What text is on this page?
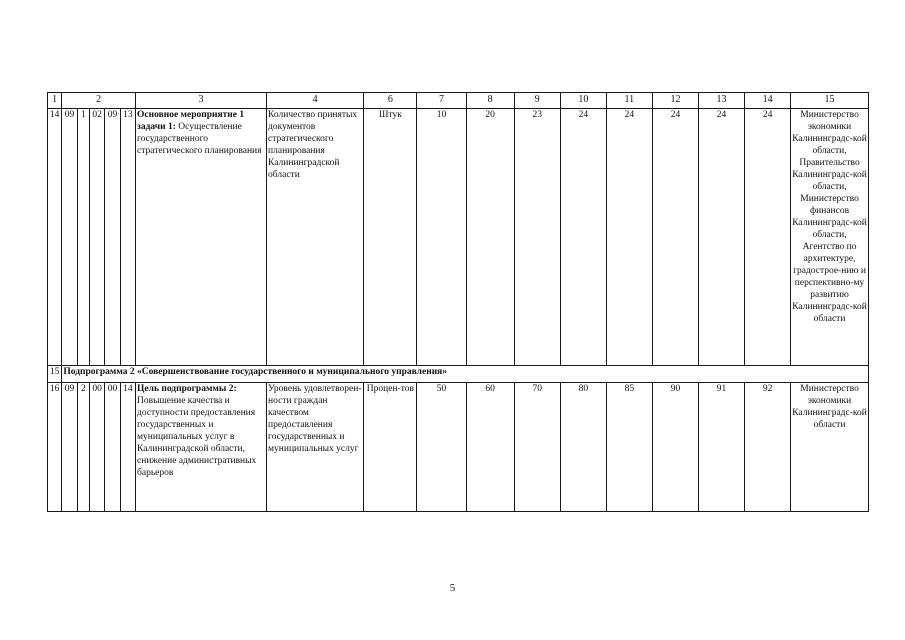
1	2					3	4	6	7	8	9	10	11	12	13	14	15
14	09	1	02	09	13	Основное мероприятие 1 задачи 1: Осуществление государственного стратегического планирования	Количество принятых документов стратегического планирования Калининградской области	Штук	10	20	23	24	24	24	24	24	Министерство экономики Калининградс-кой области, Правительство Калининградс-кой области, Министерство финансов Калининградс-кой области, Агентство по архитектуре, градострое-нию и перспективно-му развитию Калининградс-кой области
15	Подпрограмма 2 «Совершенствование государственного и муниципального управления»																
16	09	2	00	00	14	Цель подпрограммы 2: Повышение качества и доступности предоставления государственных и муниципальных услуг в Калининградской области, снижение административных барьеров	Уровень удовлетворен-ности граждан качеством предоставления государственных и муниципальных услуг	Процен-тов	50	60	70	80	85	90	91	92	Министерство экономики Калининградс-кой области
5
